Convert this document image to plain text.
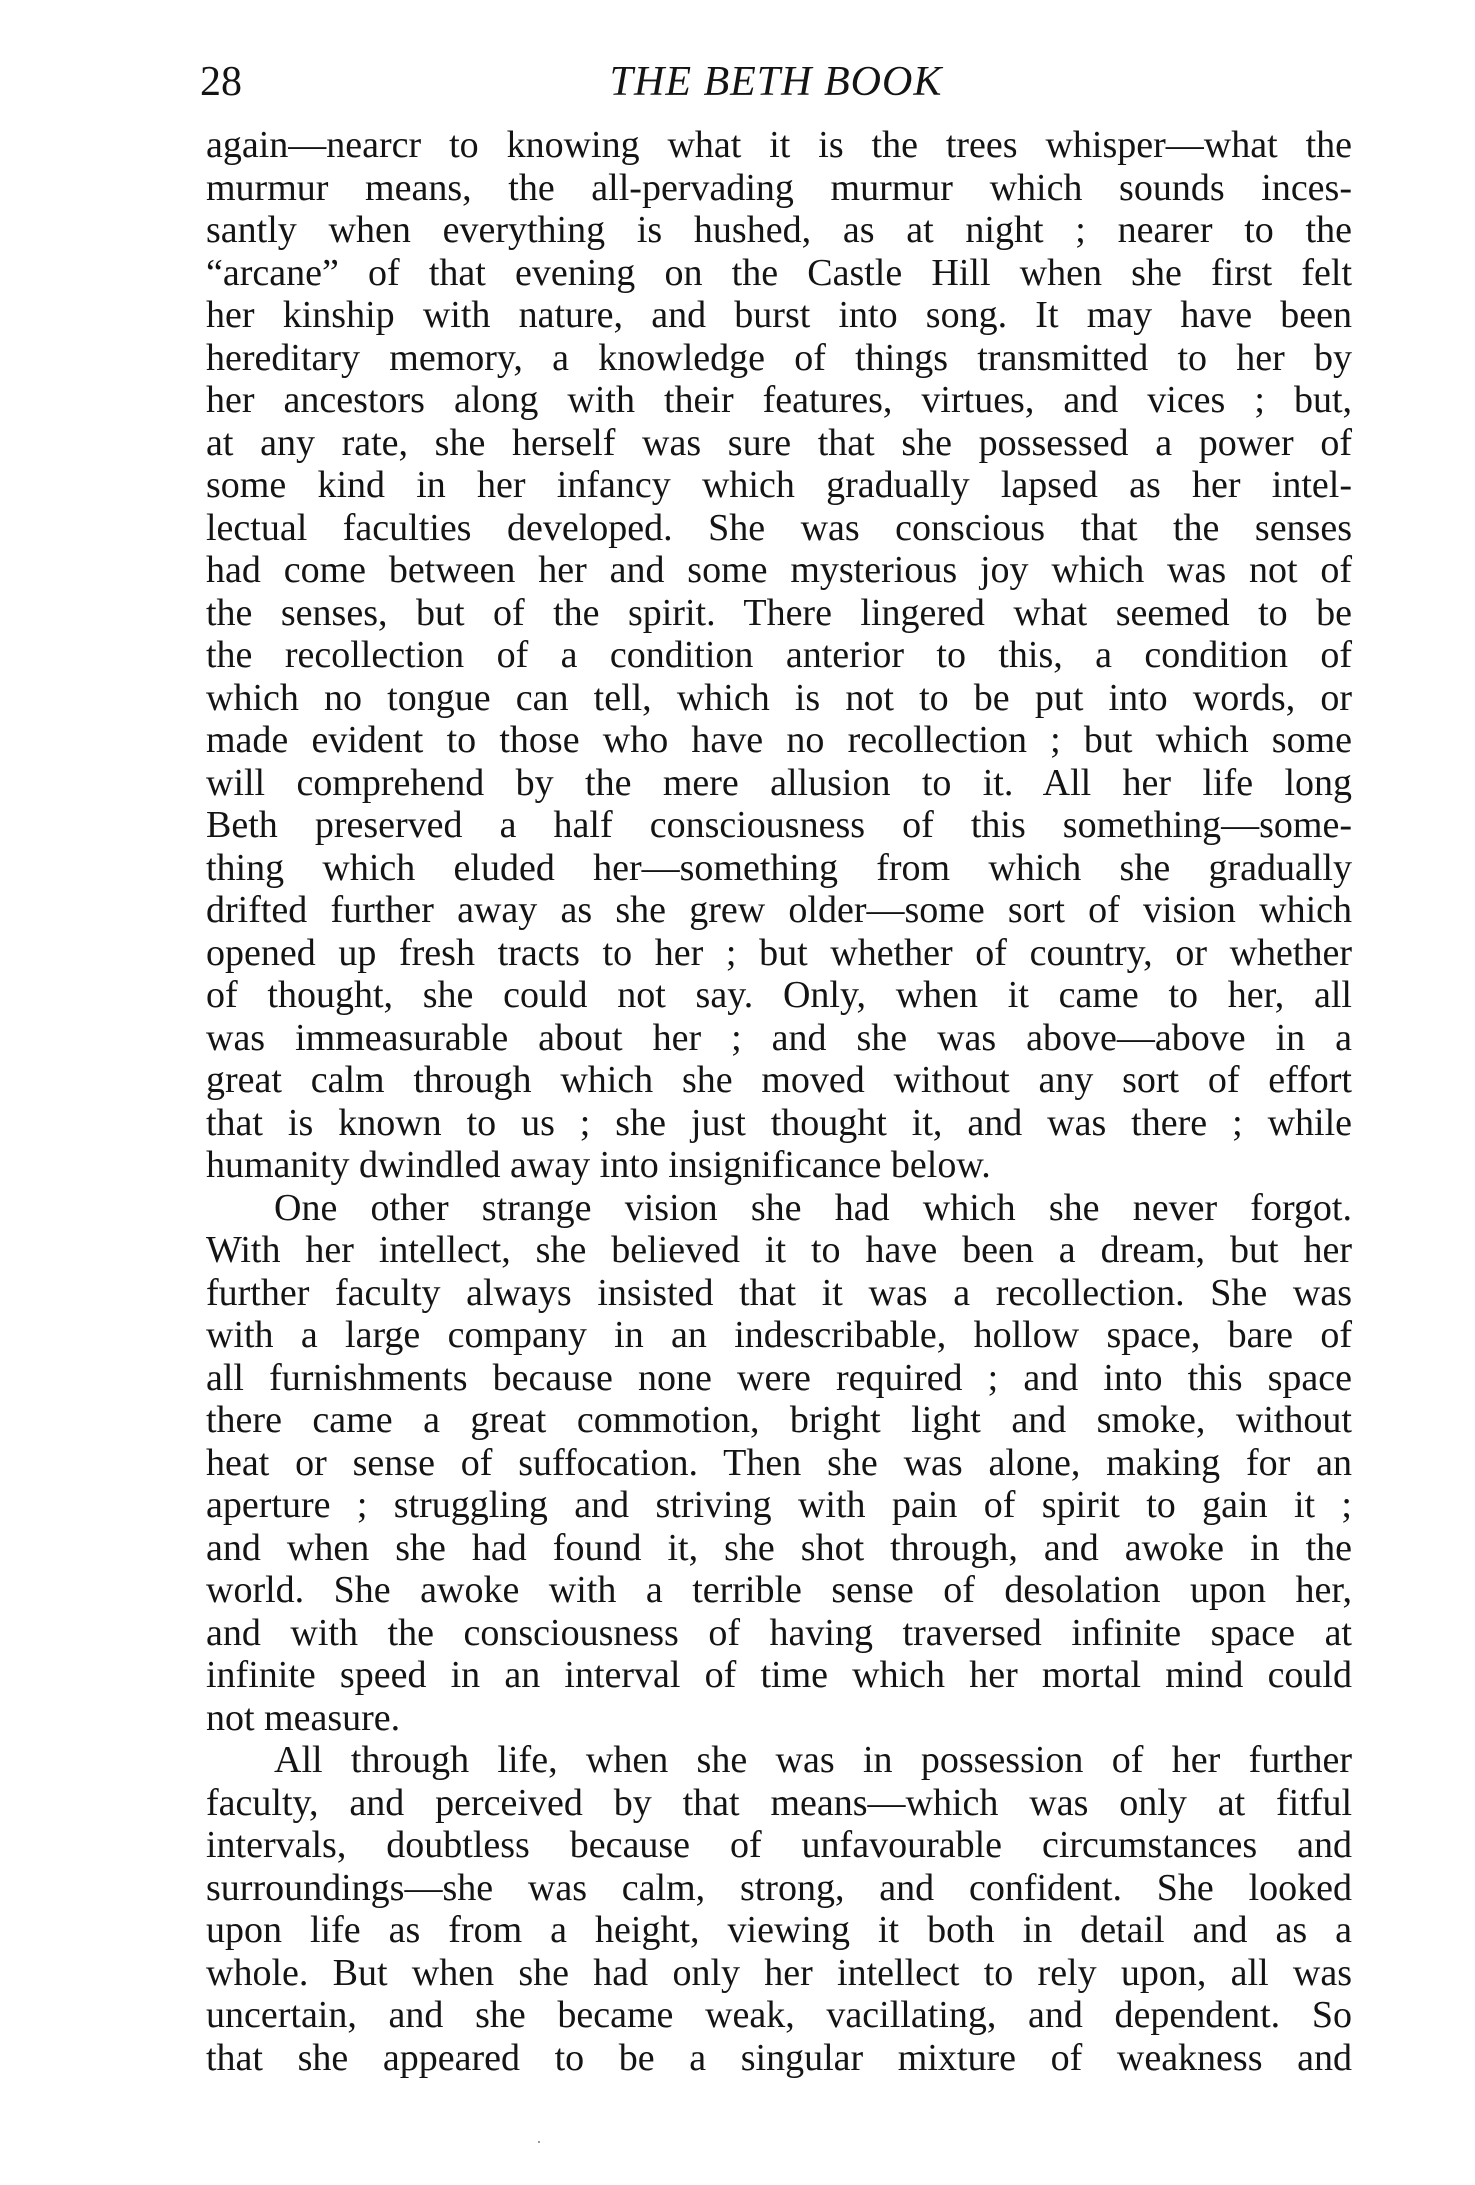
28	THE BETH BOOK
again—nearcr to knowing what it is the trees whisper—what the
murmur means, the all-pervading murmur which sounds inces-
santly when everything is hushed, as at night ; nearer to the
“arcane” of that evening on the Castle Hill when she first felt
her kinship with nature, and burst into song. It may have been
hereditary memory, a knowledge of things transmitted to her by
her ancestors along with their features, virtues, and vices ; but,
at any rate, she herself was sure that she possessed a power of
some kind in her infancy which gradually lapsed as her intel-
lectual faculties developed. She was conscious that the senses
had come between her and some mysterious joy which was not of
the senses, but of the spirit. There lingered what seemed to be
the recollection of a condition anterior to this, a condition of
which no tongue can tell, which is not to be put into words, or
made evident to those who have no recollection ; but which some
will comprehend by the mere allusion to it. All her life long
Beth preserved a half consciousness of this something—some-
thing which eluded her—something from which she gradually
drifted further away as she grew older—some sort of vision which
opened up fresh tracts to her ; but whether of country, or whether
of thought, she could not say. Only, when it came to her, all
was immeasurable about her ; and she was above—above in a
great calm through which she moved without any sort of effort
that is known to us ; she just thought it, and was there ; while
humanity dwindled away into insignificance below.
One other strange vision she had which she never forgot.
With her intellect, she believed it to have been a dream, but her
further faculty always insisted that it was a recollection. She was
with a large company in an indescribable, hollow space, bare of
all furnishments because none were required ; and into this space
there came a great commotion, bright light and smoke, without
heat or sense of suffocation. Then she was alone, making for an
aperture ; struggling and striving with pain of spirit to gain it ;
and when she had found it, she shot through, and awoke in the
world. She awoke with a terrible sense of desolation upon her,
and with the consciousness of having traversed infinite space at
infinite speed in an interval of time which her mortal mind could
not measure.
All through life, when she was in possession of her further
faculty, and perceived by that means—which was only at fitful
intervals, doubtless because of unfavourable circumstances and
surroundings—she was calm, strong, and confident. She looked
upon life as from a height, viewing it both in detail and as a
whole. But when she had only her intellect to rely upon, all was
uncertain, and she became weak, vacillating, and dependent. So
that she appeared to be a singular mixture of weakness and
